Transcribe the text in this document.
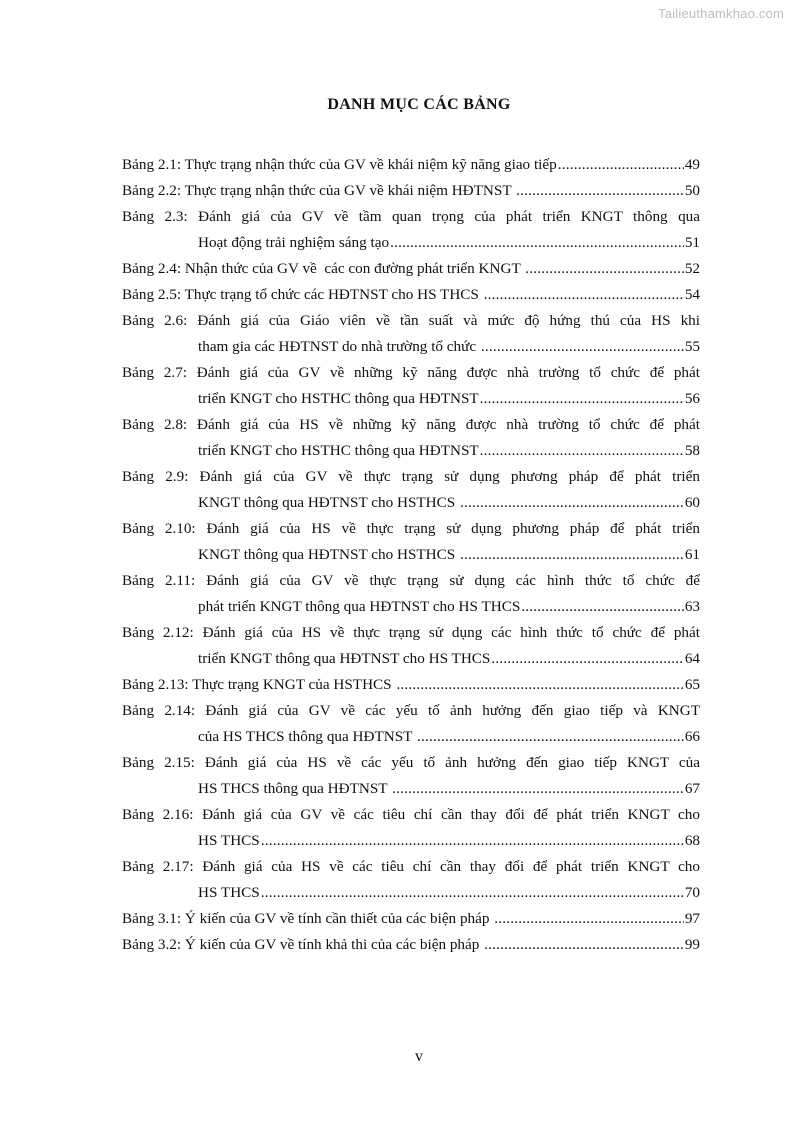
Tailieuthamkhao.com
DANH MỤC CÁC BẢNG
Bảng 2.1: Thực trạng nhận thức của GV về khái niệm kỹ năng giao tiếp .....	49
Bảng 2.2: Thực trạng nhận thức của GV về khái niệm HĐTNST .....	50
Bảng 2.3: Đánh giá của GV về tầm quan trọng của phát triển KNGT thông qua
Hoạt động trải nghiệm sáng tạo .....	51
Bảng 2.4: Nhận thức của GV về  các con đường phát triển KNGT .....	52
Bảng 2.5: Thực trạng tổ chức các HĐTNST cho HS THCS .....	54
Bảng 2.6: Đánh giá của Giáo viên về tần suất và mức độ hứng thú của HS khi
tham gia các HĐTNST do nhà trường tổ chức .....	55
Bảng 2.7: Đánh giá của GV về những kỹ năng được nhà trường tổ chức để phát
triển KNGT cho HSTHC thông qua HĐTNST .....	56
Bảng 2.8: Đánh giá của HS về những kỹ năng được nhà trường tổ chức để phát
triển KNGT cho HSTHC thông qua HĐTNST .....	58
Bảng 2.9: Đánh giá của GV về thực trạng sử dụng phương pháp để phát triển
KNGT thông qua HĐTNST cho HSTHCS .....	60
Bảng 2.10: Đánh giá của HS về thực trạng sử dụng phương pháp để phát triển
KNGT thông qua HĐTNST cho HSTHCS .....	61
Bảng 2.11: Đánh giá của GV về thực trạng sử dụng các hình thức tổ chức để
phát triển KNGT thông qua HĐTNST cho HS THCS .....	63
Bảng 2.12: Đánh giá của HS về thực trạng sử dụng các hình thức tổ chức để phát
triển KNGT thông qua HĐTNST cho HS THCS .....	64
Bảng 2.13: Thực trạng KNGT của HSTHCS .....	65
Bảng 2.14: Đánh giá của GV về các yếu tố ảnh hưởng đến giao tiếp và KNGT
của HS THCS thông qua HĐTNST .....	66
Bảng 2.15: Đánh giá của HS về các yếu tố ảnh hưởng đến giao tiếp KNGT của
HS THCS thông qua HĐTNST .....	67
Bảng 2.16: Đánh giá của GV về các tiêu chí cần thay đổi để phát triển KNGT cho
HS THCS .....	68
Bảng 2.17: Đánh giá của HS về các tiêu chí cần thay đổi để phát triển KNGT cho
HS THCS .....	70
Bảng 3.1: Ý kiến của GV về tính cần thiết của các biện pháp .....	97
Bảng 3.2: Ý kiến của GV về tính khả thi của các biện pháp .....	99
v
